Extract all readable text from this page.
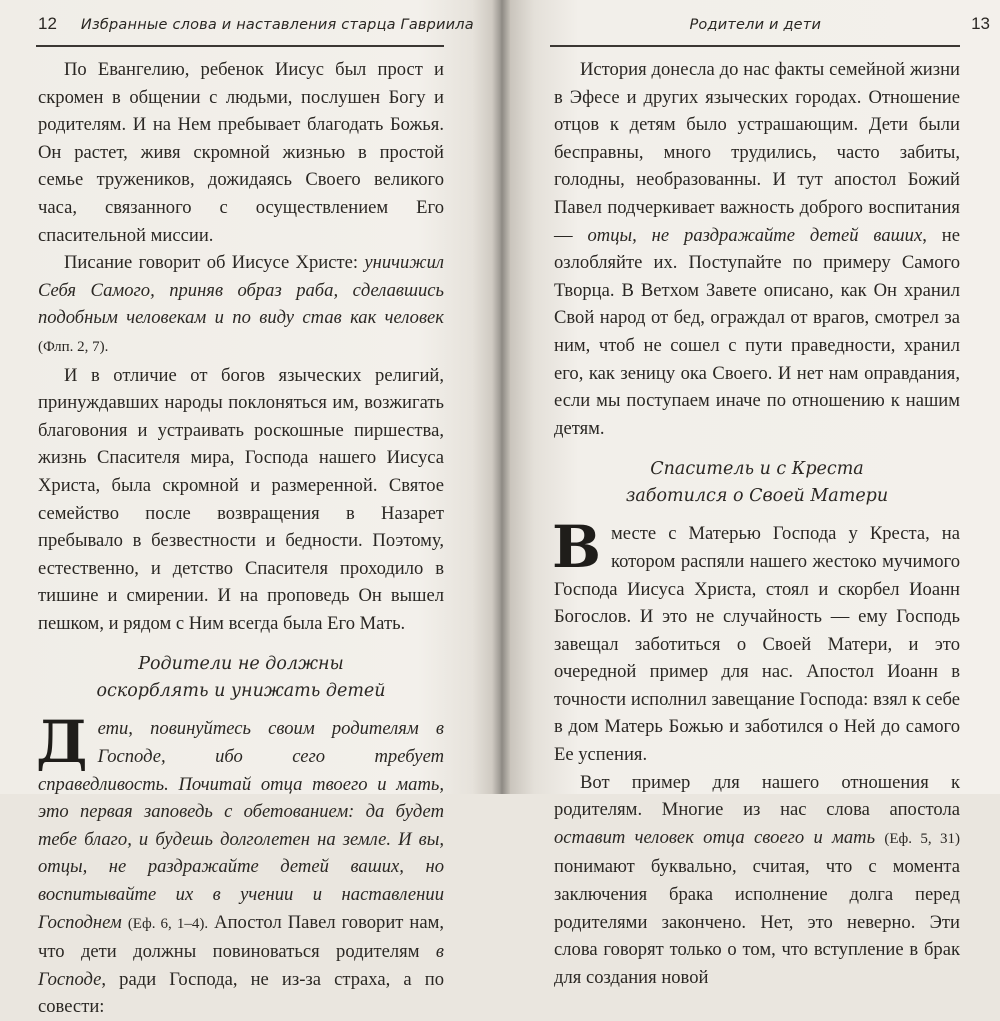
12 Избранные слова и наставления старца Гавриила

По Евангелию, ребенок Иисус был прост и скромен в общении с людьми, послушен Богу и родителям. И на Нем пребывает благодать Божья. Он растет, живя скромной жизнью в простой семье тружеников, дожидаясь Своего великого часа, связанного с осуществлением Его спасительной миссии.

Писание говорит об Иисусе Христе: уничижил Себя Самого, приняв образ раба, сделавшись подобным человекам и по виду став как человек (Флп. 2, 7).

И в отличие от богов языческих религий, принуждавших народы поклоняться им, возжигать благовония и устраивать роскошные пиршества, жизнь Спасителя мира, Господа нашего Иисуса Христа, была скромной и размеренной. Святое семейство после возвращения в Назарет пребывало в безвестности и бедности. Поэтому, естественно, и детство Спасителя проходило в тишине и смирении. И на проповедь Он вышел пешком, и рядом с Ним всегда была Его Мать.

Родители не должны
оскорблять и унижать детей

Дети, повинуйтесь своим родителям в Господе, ибо сего требует справедливость. Почитай отца твоего и мать, это первая заповедь с обетованием: да будет тебе благо, и будешь долголетен на земле. И вы, отцы, не раздражайте детей ваших, но воспитывайте их в учении и наставлении Господнем (Еф. 6, 1–4). Апостол Павел говорит нам, что дети должны повиноваться родителям в Господе, ради Господа, не из-за страха, а по совести:

Родители и дети	13

История донесла до нас факты семейной жизни в Эфесе и других языческих городах. Отношение отцов к детям было устрашающим. Дети были бесправны, много трудились, часто забиты, голодны, необразованны. И тут апостол Божий Павел подчеркивает важность доброго воспитания — отцы, не раздражайте детей ваших, не озлобляйте их. Поступайте по примеру Самого Творца. В Ветхом Завете описано, как Он хранил Свой народ от бед, ограждал от врагов, смотрел за ним, чтоб не сошел с пути праведности, хранил его, как зеницу ока Своего. И нет нам оправдания, если мы поступаем иначе по отношению к нашим детям.

Спаситель и с Креста
заботился о Своей Матери

Вместе с Матерью Господа у Креста, на котором распяли нашего жестоко мучимого Господа Иисуса Христа, стоял и скорбел Иоанн Богослов. И это не случайность — ему Господь завещал заботиться о Своей Матери, и это очередной пример для нас. Апостол Иоанн в точности исполнил завещание Господа: взял к себе в дом Матерь Божью и заботился о Ней до самого Ее успения.

Вот пример для нашего отношения к родителям. Многие из нас слова апостола оставит человек отца своего и мать (Еф. 5, 31) понимают буквально, считая, что с момента заключения брака исполнение долга перед родителями закончено. Нет, это неверно. Эти слова говорят только о том, что вступление в брак для создания новой
